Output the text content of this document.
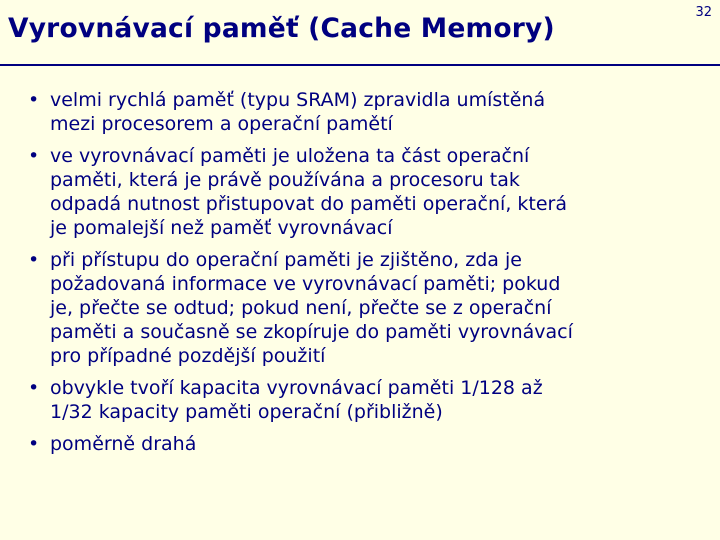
Vyrovnávací paměť (Cache Memory)
32
• velmi rychlá paměť (typu SRAM) zpravidla umístěná
mezi procesorem a operační pamětí
• ve vyrovnávací paměti je uložena ta část operační
paměti, která je právě používána a procesoru tak
odpadá nutnost přistupovat do paměti operační, která
je pomalejší než paměť vyrovnávací
• při přístupu do operační paměti je zjištěno, zda je
požadovaná informace ve vyrovnávací paměti; pokud
je, přečte se odtud; pokud není, přečte se z operační
paměti a současně se zkopíruje do paměti vyrovnávací
pro případné pozdější použití
• obvykle tvoří kapacita vyrovnávací paměti 1/128 až
1/32 kapacity paměti operační (přibližně)
• poměrně drahá
